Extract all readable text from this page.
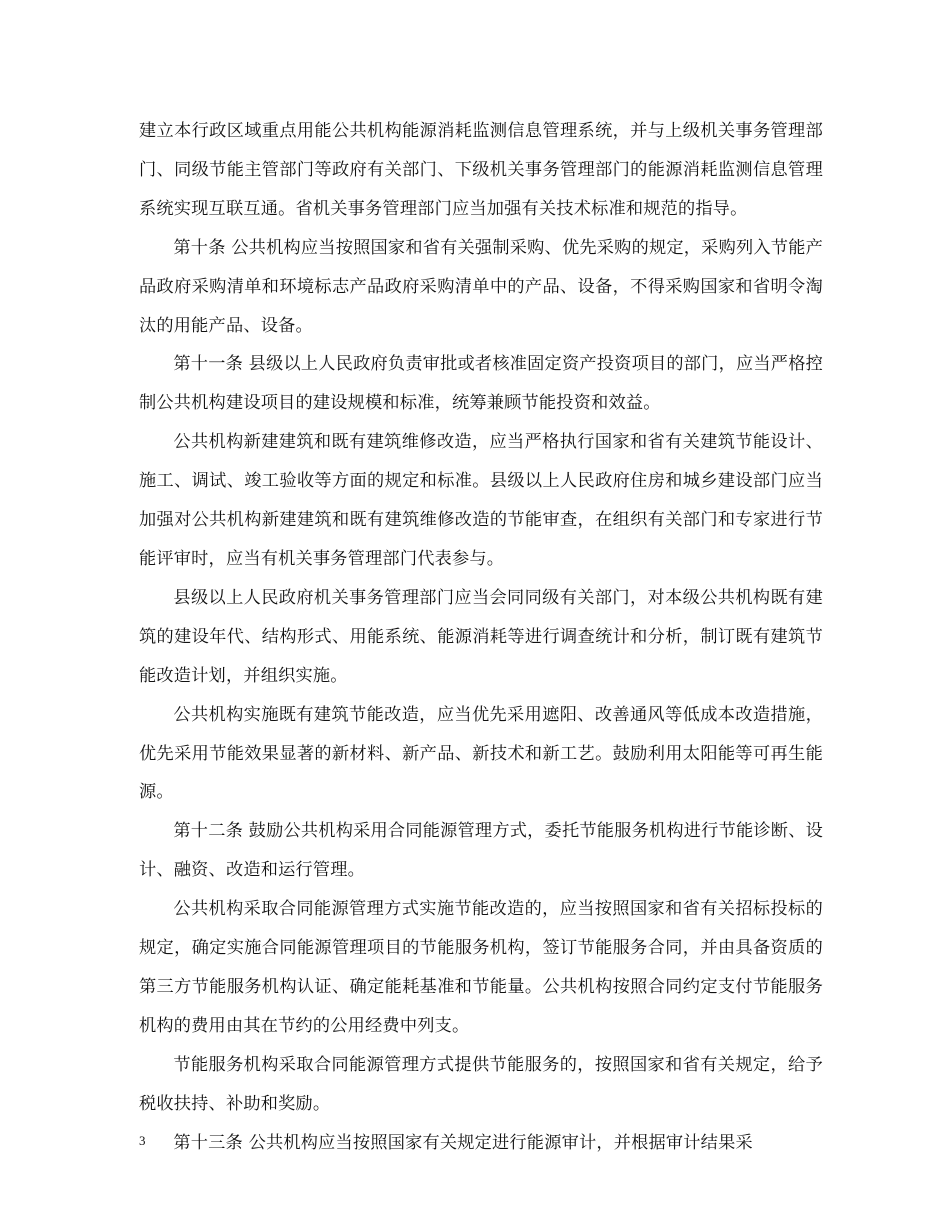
建立本行政区域重点用能公共机构能源消耗监测信息管理系统，并与上级机关事务管理部门、同级节能主管部门等政府有关部门、下级机关事务管理部门的能源消耗监测信息管理系统实现互联互通。省机关事务管理部门应当加强有关技术标准和规范的指导。

第十条 公共机构应当按照国家和省有关强制采购、优先采购的规定，采购列入节能产品政府采购清单和环境标志产品政府采购清单中的产品、设备，不得采购国家和省明令淘汰的用能产品、设备。

第十一条 县级以上人民政府负责审批或者核准固定资产投资项目的部门，应当严格控制公共机构建设项目的建设规模和标准，统筹兼顾节能投资和效益。

公共机构新建建筑和既有建筑维修改造，应当严格执行国家和省有关建筑节能设计、施工、调试、竣工验收等方面的规定和标准。县级以上人民政府住房和城乡建设部门应当加强对公共机构新建建筑和既有建筑维修改造的节能审查，在组织有关部门和专家进行节能评审时，应当有机关事务管理部门代表参与。

县级以上人民政府机关事务管理部门应当会同同级有关部门，对本级公共机构既有建筑的建设年代、结构形式、用能系统、能源消耗等进行调查统计和分析，制订既有建筑节能改造计划，并组织实施。

公共机构实施既有建筑节能改造，应当优先采用遮阳、改善通风等低成本改造措施，优先采用节能效果显著的新材料、新产品、新技术和新工艺。鼓励利用太阳能等可再生能源。

第十二条 鼓励公共机构采用合同能源管理方式，委托节能服务机构进行节能诊断、设计、融资、改造和运行管理。

公共机构采取合同能源管理方式实施节能改造的，应当按照国家和省有关招标投标的规定，确定实施合同能源管理项目的节能服务机构，签订节能服务合同，并由具备资质的第三方节能服务机构认证、确定能耗基准和节能量。公共机构按照合同约定支付节能服务机构的费用由其在节约的公用经费中列支。

节能服务机构采取合同能源管理方式提供节能服务的，按照国家和省有关规定，给予税收扶持、补助和奖励。

第十三条 公共机构应当按照国家有关规定进行能源审计，并根据审计结果采

3
